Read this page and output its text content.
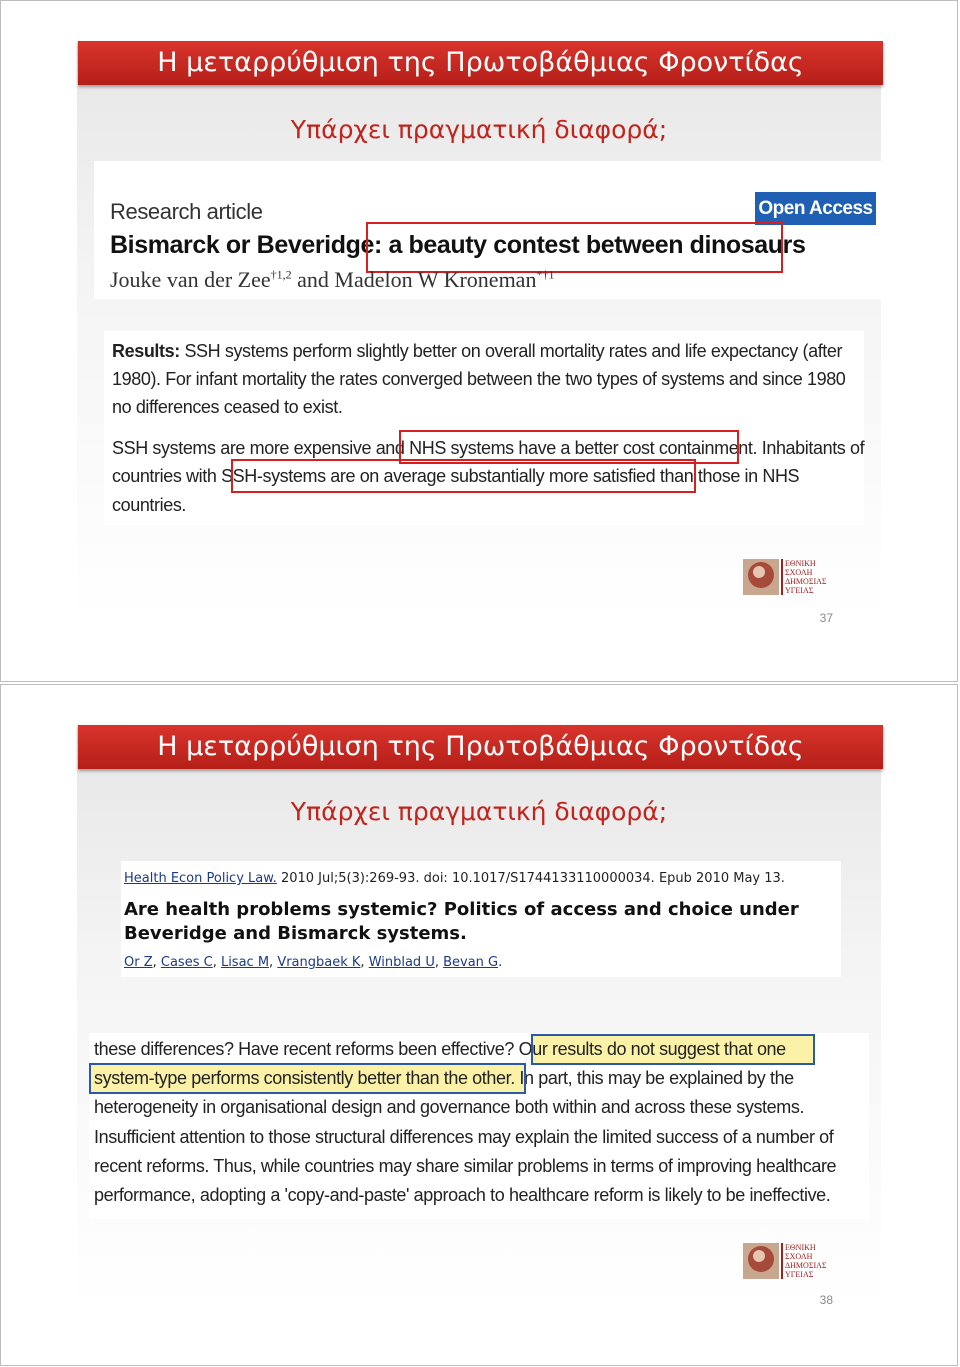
Η μεταρρύθμιση της Πρωτοβάθμιας Φροντίδας
Υπάρχει πραγματική διαφορά;
Research article	Open Access
Bismarck or Beveridge: a beauty contest between dinosaurs
Jouke van der Zee$^{\dagger 1,2}$ and Madelon W Kroneman$^{*\dagger 1}$
Results: SSH systems perform slightly better on overall mortality rates and life expectancy (after
1980). For infant mortality the rates converged between the two types of systems and since 1980
no differences ceased to exist.
SSH systems are more expensive and NHS systems have a better cost containment. Inhabitants of
countries with SSH-systems are on average substantially more satisfied than those in NHS
countries.
ΕΘΝΙΚΗ ΣΧΟΛΗ ΔΗΜΟΣΙΑΣ ΥΓΕΙΑΣ
37
Η μεταρρύθμιση της Πρωτοβάθμιας Φροντίδας
Υπάρχει πραγματική διαφορά;
Health Econ Policy Law. 2010 Jul;5(3):269-93. doi: 10.1017/S1744133110000034. Epub 2010 May 13.
Are health problems systemic? Politics of access and choice under
Beveridge and Bismarck systems.
Or Z, Cases C, Lisac M, Vrangbaek K, Winblad U, Bevan G.
these differences? Have recent reforms been effective? Our results do not suggest that one
system-type performs consistently better than the other. In part, this may be explained by the
heterogeneity in organisational design and governance both within and across these systems.
Insufficient attention to those structural differences may explain the limited success of a number of
recent reforms. Thus, while countries may share similar problems in terms of improving healthcare
performance, adopting a 'copy-and-paste' approach to healthcare reform is likely to be ineffective.
ΕΘΝΙΚΗ ΣΧΟΛΗ ΔΗΜΟΣΙΑΣ ΥΓΕΙΑΣ
38
